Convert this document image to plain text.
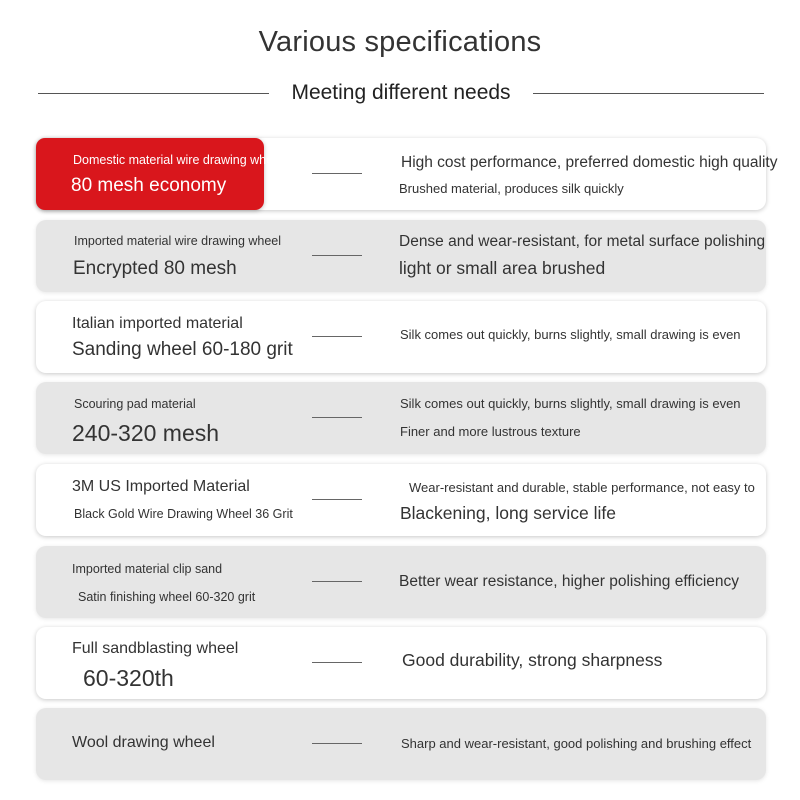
Various specifications
Meeting different needs
Domestic material wire drawing wheel
80 mesh economy
High cost performance, preferred domestic high quality
Brushed material, produces silk quickly
Imported material wire drawing wheel
Encrypted 80 mesh
Dense and wear-resistant, for metal surface polishing
light or small area brushed
Italian imported material
Sanding wheel 60-180 grit
Silk comes out quickly, burns slightly, small drawing is even
Scouring pad material
240-320 mesh
Silk comes out quickly, burns slightly, small drawing is even
Finer and more lustrous texture
3M US Imported Material
Black Gold Wire Drawing Wheel 36 Grit
Wear-resistant and durable, stable performance, not easy to
Blackening, long service life
Imported material clip sand
Satin finishing wheel 60-320 grit
Better wear resistance, higher polishing efficiency
Full sandblasting wheel
60-320th
Good durability, strong sharpness
Wool drawing wheel	Sharp and wear-resistant, good polishing and brushing effect
